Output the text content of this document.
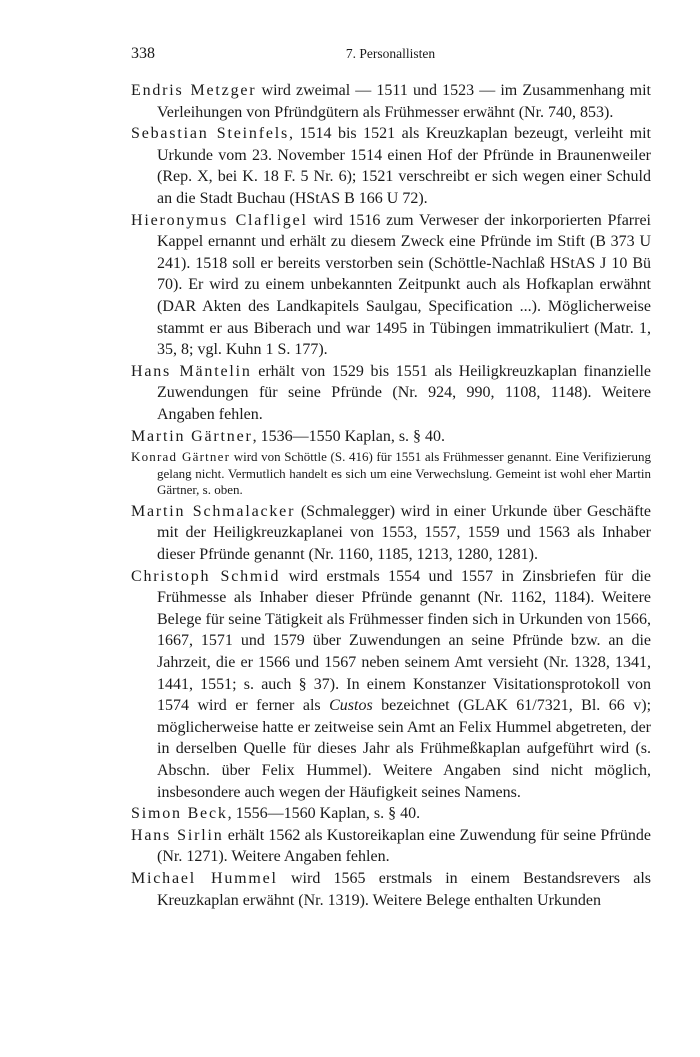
338	7. Personallisten

Endris Metzger wird zweimal — 1511 und 1523 — im Zusammenhang mit Verleihungen von Pfründgütern als Frühmesser erwähnt (Nr. 740, 853).

Sebastian Steinfels, 1514 bis 1521 als Kreuzkaplan bezeugt, verleiht mit Urkunde vom 23. November 1514 einen Hof der Pfründe in Braunenweiler (Rep. X, bei K. 18 F. 5 Nr. 6); 1521 verschreibt er sich wegen einer Schuld an die Stadt Buchau (HStAS B 166 U 72).

Hieronymus Clafligel wird 1516 zum Verweser der inkorporierten Pfarrei Kappel ernannt und erhält zu diesem Zweck eine Pfründe im Stift (B 373 U 241). 1518 soll er bereits verstorben sein (Schöttle-Nachlaß HStAS J 10 Bü 70). Er wird zu einem unbekannten Zeitpunkt auch als Hofkaplan erwähnt (DAR Akten des Landkapitels Saulgau, Specification ...). Möglicherweise stammt er aus Biberach und war 1495 in Tübingen immatrikuliert (Matr. 1, 35, 8; vgl. Kuhn 1 S. 177).

Hans Mäntelin erhält von 1529 bis 1551 als Heiligkreuzkaplan finanzielle Zuwendungen für seine Pfründe (Nr. 924, 990, 1108, 1148). Weitere Angaben fehlen.

Martin Gärtner, 1536—1550 Kaplan, s. § 40.

Konrad Gärtner wird von Schöttle (S. 416) für 1551 als Frühmesser genannt. Eine Verifizierung gelang nicht. Vermutlich handelt es sich um eine Verwechslung. Gemeint ist wohl eher Martin Gärtner, s. oben.

Martin Schmalacker (Schmalegger) wird in einer Urkunde über Geschäfte mit der Heiligkreuzkaplanei von 1553, 1557, 1559 und 1563 als Inhaber dieser Pfründe genannt (Nr. 1160, 1185, 1213, 1280, 1281).

Christoph Schmid wird erstmals 1554 und 1557 in Zinsbriefen für die Frühmesse als Inhaber dieser Pfründe genannt (Nr. 1162, 1184). Weitere Belege für seine Tätigkeit als Frühmesser finden sich in Urkunden von 1566, 1667, 1571 und 1579 über Zuwendungen an seine Pfründe bzw. an die Jahrzeit, die er 1566 und 1567 neben seinem Amt versieht (Nr. 1328, 1341, 1441, 1551; s. auch § 37). In einem Konstanzer Visitationsprotokoll von 1574 wird er ferner als Custos bezeichnet (GLAK 61/7321, Bl. 66 v); möglicherweise hatte er zeitweise sein Amt an Felix Hummel abgetreten, der in derselben Quelle für dieses Jahr als Frühmeßkaplan aufgeführt wird (s. Abschn. über Felix Hummel). Weitere Angaben sind nicht möglich, insbesondere auch wegen der Häufigkeit seines Namens.

Simon Beck, 1556—1560 Kaplan, s. § 40.

Hans Sirlin erhält 1562 als Kustoreikaplan eine Zuwendung für seine Pfründe (Nr. 1271). Weitere Angaben fehlen.

Michael Hummel wird 1565 erstmals in einem Bestandsrevers als Kreuzkaplan erwähnt (Nr. 1319). Weitere Belege enthalten Urkunden
